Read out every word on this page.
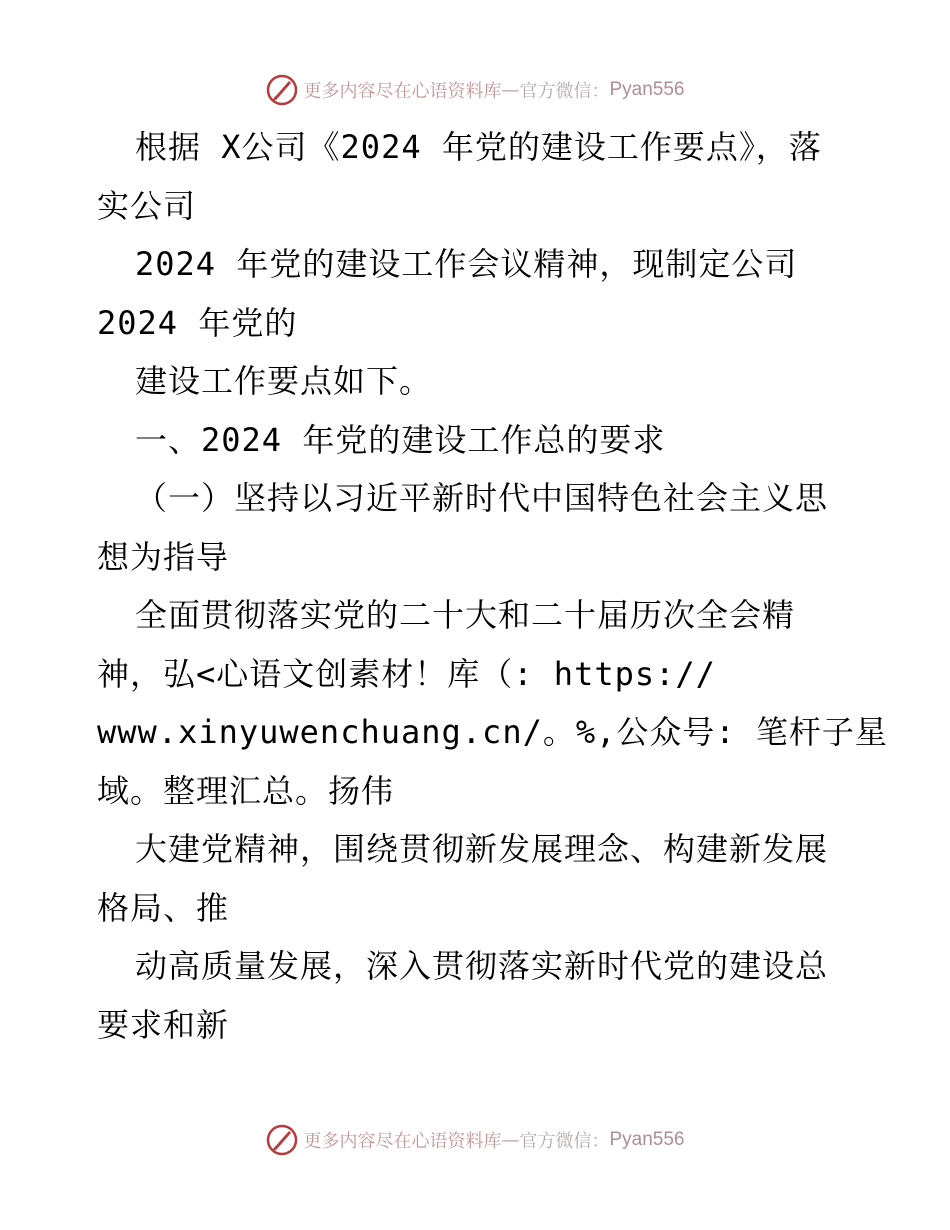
更多内容尽在心语资料库 — 官方微信： Pyan556
根据 X公司《2024 年党的建设工作要点》，落
实公司
2024 年党的建设工作会议精神，现制定公司
2024 年党的
建设工作要点如下。
一、2024 年党的建设工作总的要求
（一）坚持以习近平新时代中国特色社会主义思
想为指导
全面贯彻落实党的二十大和二十届历次全会精
神，弘<心语文创素材！库（: https://
www.xinyuwenchuang.cn/。%,公众号: 笔杆子星
域。整理汇总。扬伟
大建党精神，围绕贯彻新发展理念、构建新发展
格局、推
动高质量发展，深入贯彻落实新时代党的建设总
要求和新
更多内容尽在心语资料库 — 官方微信： Pyan556
